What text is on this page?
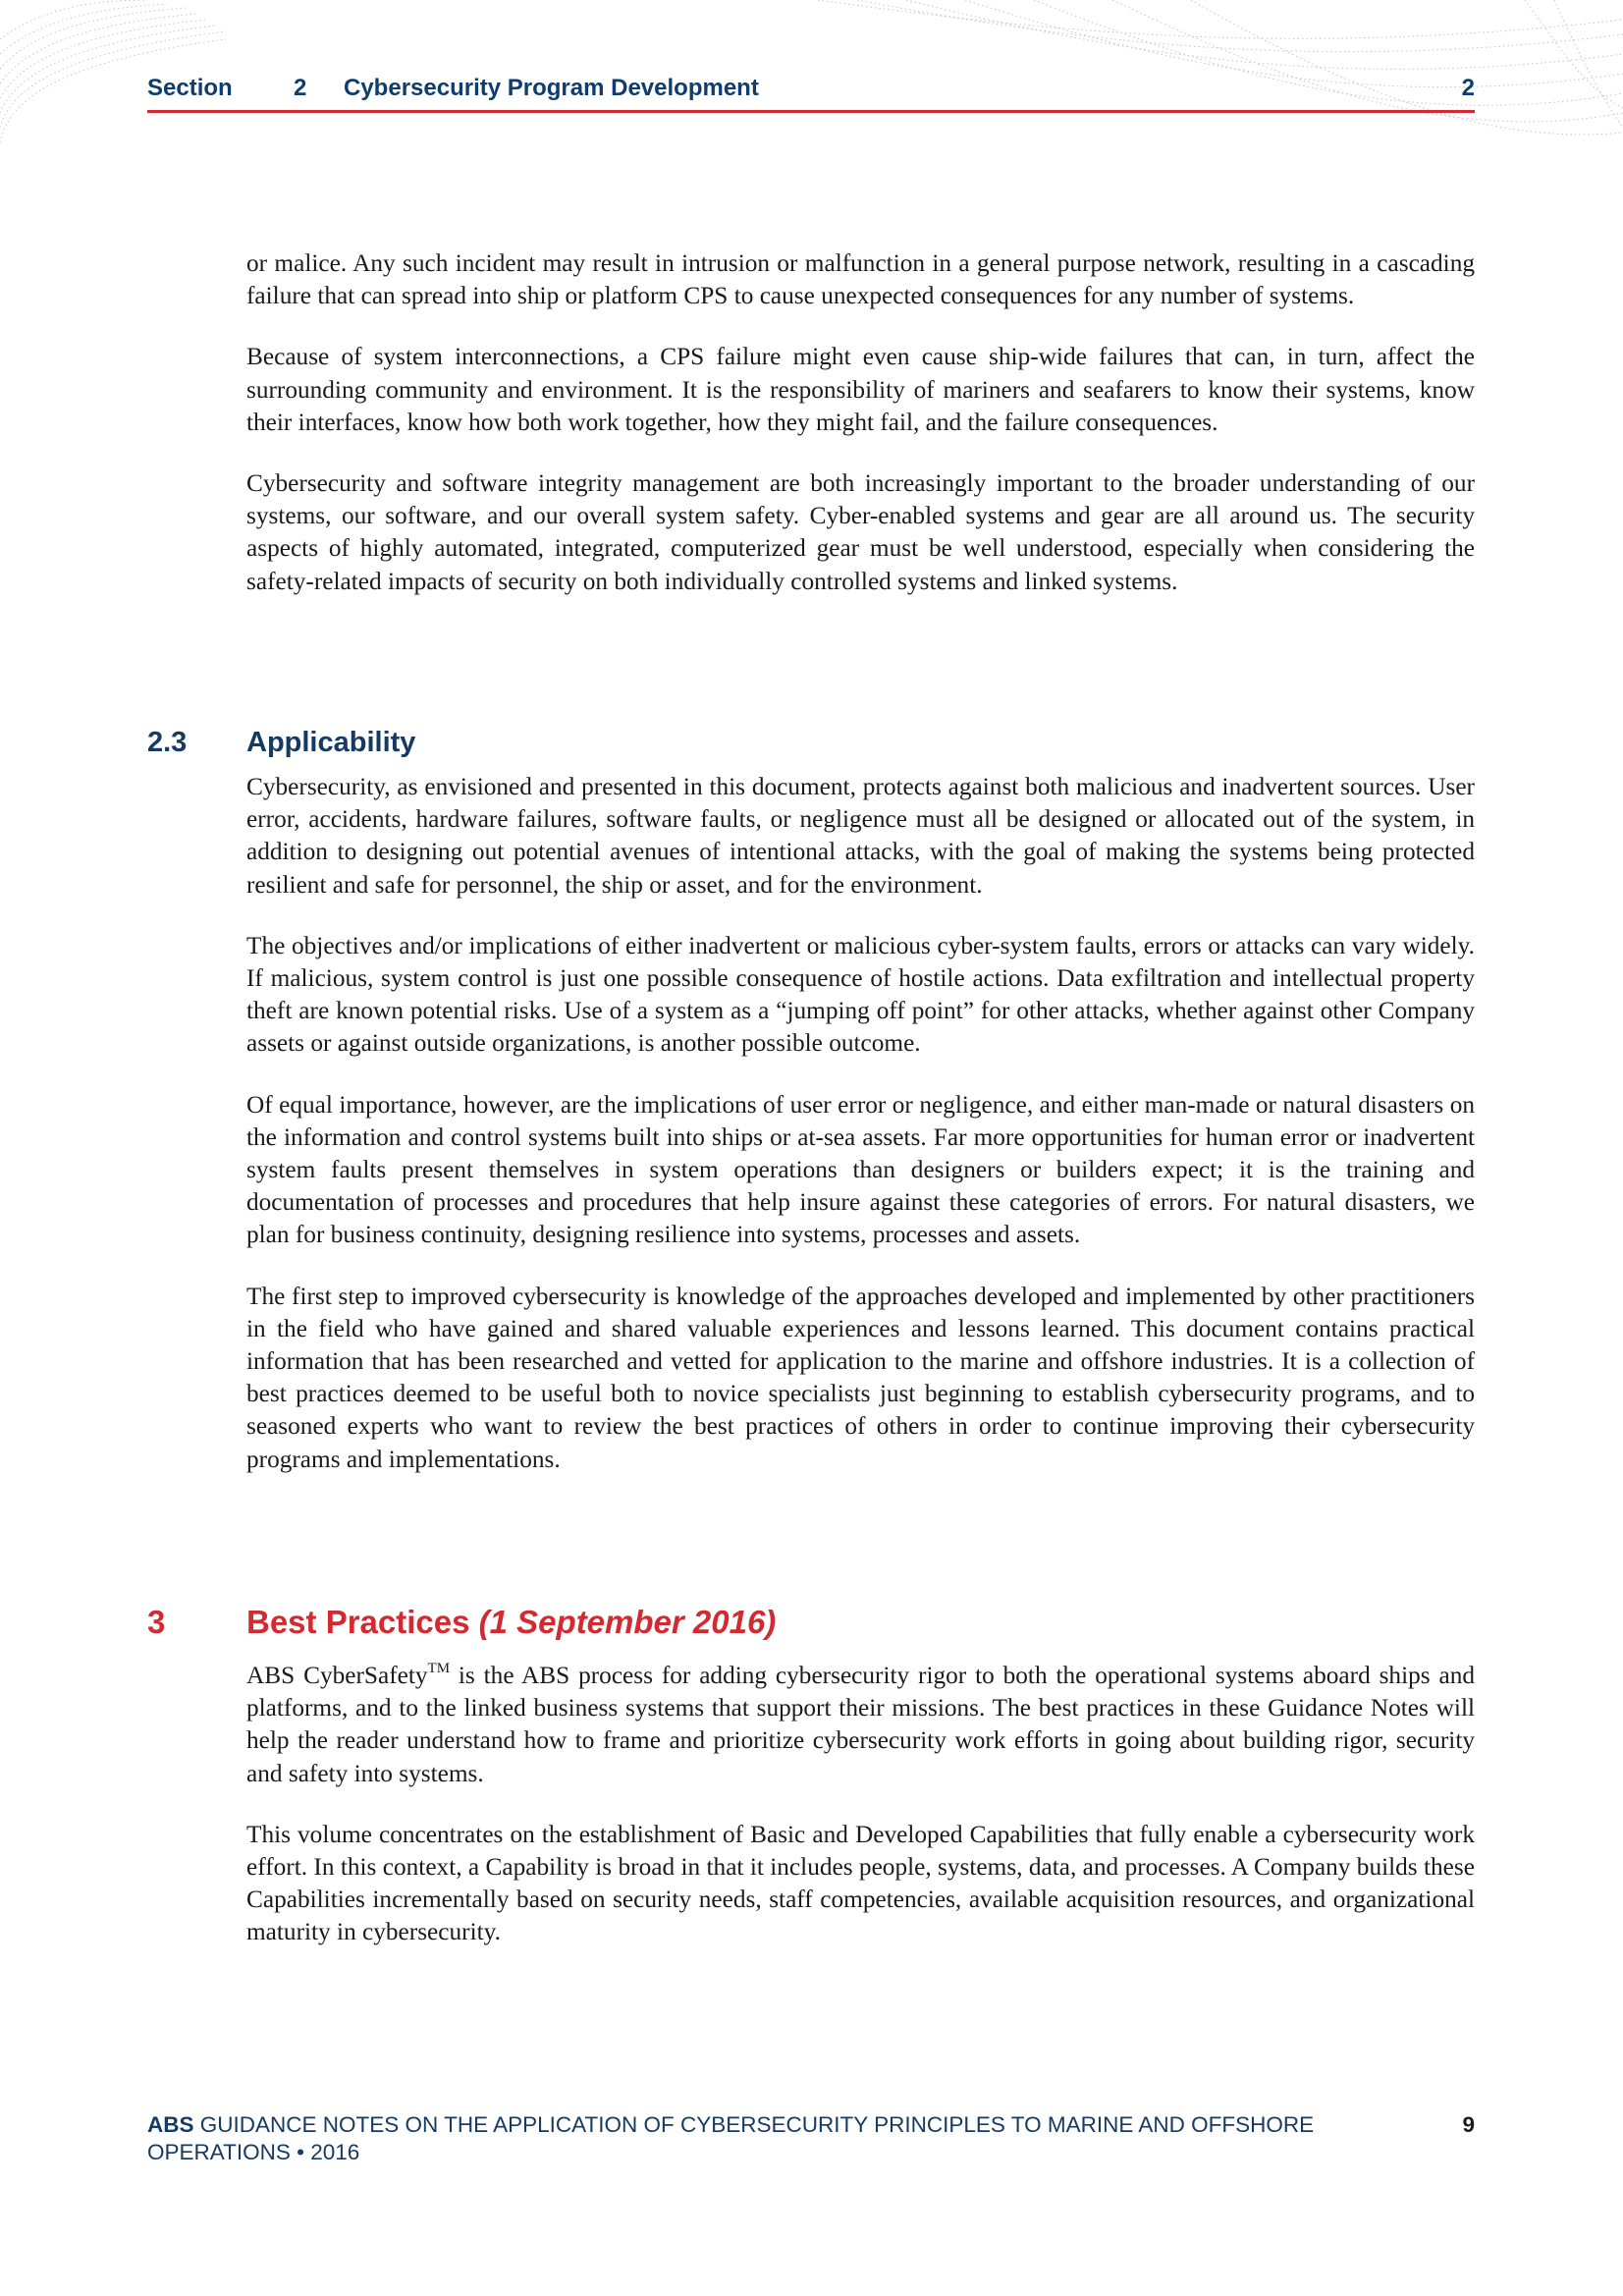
Section	2 Cybersecurity Program Development	2

or malice. Any such incident may result in intrusion or malfunction in a general purpose network, resulting in a cascading failure that can spread into ship or platform CPS to cause unexpected consequences for any number of systems.

Because of system interconnections, a CPS failure might even cause ship-wide failures that can, in turn, affect the surrounding community and environment. It is the responsibility of mariners and seafarers to know their systems, know their interfaces, know how both work together, how they might fail, and the failure consequences.

Cybersecurity and software integrity management are both increasingly important to the broader understanding of our systems, our software, and our overall system safety. Cyber-enabled systems and gear are all around us. The security aspects of highly automated, integrated, computerized gear must be well understood, especially when considering the safety-related impacts of security on both individually controlled systems and linked systems.

2.3 Applicability

Cybersecurity, as envisioned and presented in this document, protects against both malicious and inadvertent sources. User error, accidents, hardware failures, software faults, or negligence must all be designed or allocated out of the system, in addition to designing out potential avenues of intentional attacks, with the goal of making the systems being protected resilient and safe for personnel, the ship or asset, and for the environment.

The objectives and/or implications of either inadvertent or malicious cyber-system faults, errors or attacks can vary widely. If malicious, system control is just one possible consequence of hostile actions. Data exfiltration and intellectual property theft are known potential risks. Use of a system as a “jumping off point” for other attacks, whether against other Company assets or against outside organizations, is another possible outcome.

Of equal importance, however, are the implications of user error or negligence, and either man-made or natural disasters on the information and control systems built into ships or at-sea assets. Far more opportunities for human error or inadvertent system faults present themselves in system operations than designers or builders expect; it is the training and documentation of processes and procedures that help insure against these categories of errors. For natural disasters, we plan for business continuity, designing resilience into systems, processes and assets.

The first step to improved cybersecurity is knowledge of the approaches developed and implemented by other practitioners in the field who have gained and shared valuable experiences and lessons learned. This document contains practical information that has been researched and vetted for application to the marine and offshore industries. It is a collection of best practices deemed to be useful both to novice specialists just beginning to establish cybersecurity programs, and to seasoned experts who want to review the best practices of others in order to continue improving their cybersecurity programs and implementations.

3	Best Practices (1 September 2016)

ABS CyberSafety™ is the ABS process for adding cybersecurity rigor to both the operational systems aboard ships and platforms, and to the linked business systems that support their missions. The best practices in these Guidance Notes will help the reader understand how to frame and prioritize cybersecurity work efforts in going about building rigor, security and safety into systems.

This volume concentrates on the establishment of Basic and Developed Capabilities that fully enable a cybersecurity work effort. In this context, a Capability is broad in that it includes people, systems, data, and processes. A Company builds these Capabilities incrementally based on security needs, staff competencies, available acquisition resources, and organizational maturity in cybersecurity.

ABS GUIDANCE NOTES ON THE APPLICATION OF CYBERSECURITY PRINCIPLES TO MARINE AND OFFSHORE OPERATIONS • 2016
9
